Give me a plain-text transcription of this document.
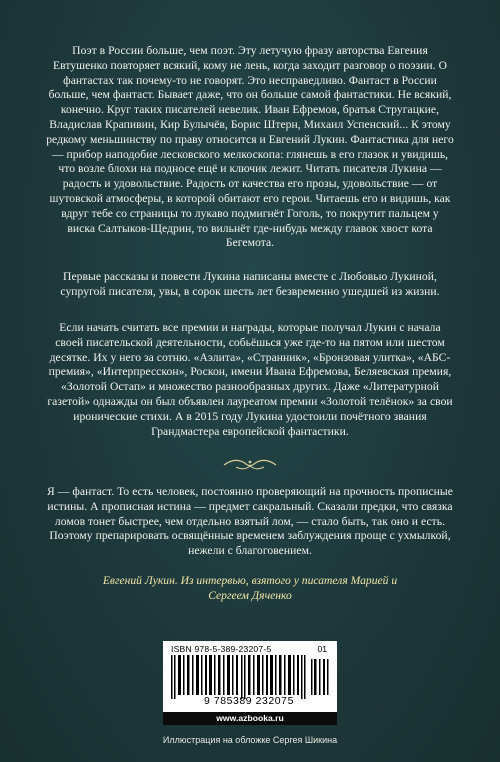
Поэт в России больше, чем поэт. Эту летучую фразу авторства Евгения Евтушенко повторяет всякий, кому не лень, когда заходит разговор о поэзии. О фантастах так почему-то не говорят. Это несправедливо. Фантаст в России больше, чем фантаст. Бывает даже, что он больше самой фантастики. Не всякий, конечно. Круг таких писателей невелик. Иван Ефремов, братья Стругацкие, Владислав Крапивин, Кир Булычёв, Борис Штерн, Михаил Успенский... К этому редкому меньшинству по праву относится и Евгений Лукин. Фантастика для него — прибор наподобие лесковского мелкоскопа: глянешь в его глазок и увидишь, что возле блохи на подносе ещё и ключик лежит. Читать писателя Лукина — радость и удовольствие. Радость от качества его прозы, удовольствие — от шутовской атмосферы, в которой обитают его герои. Читаешь его и видишь, как вдруг тебе со страницы то лукаво подмигнёт Гоголь, то покрутит пальцем у виска Салтыков-Щедрин, то вильнёт где-нибудь между главок хвост кота Бегемота.

Первые рассказы и повести Лукина написаны вместе с Любовью Лукиной, супругой писателя, увы, в сорок шесть лет безвременно ушедшей из жизни.

Если начать считать все премии и награды, которые получал Лукин с начала своей писательской деятельности, собьёшься уже где-то на пятом или шестом десятке. Их у него за сотню. «Аэлита», «Странник», «Бронзовая улитка», «АБС-премия», «Интерпресскон», Роскон, имени Ивана Ефремова, Беляевская премия, «Золотой Остап» и множество разнообразных других. Даже «Литературной газетой» однажды он был объявлен лауреатом премии «Золотой телёнок» за свои иронические стихи. А в 2015 году Лукина удостоили почётного звания Грандмастера европейской фантастики.

Я — фантаст. То есть человек, постоянно проверяющий на прочность прописные истины. А прописная истина — предмет сакральный. Сказали предки, что связка ломов тонет быстрее, чем отдельно взятый лом, — стало быть, так оно и есть. Поэтому препарировать освящённые временем заблуждения проще с ухмылкой, нежели с благоговением.

Евгений Лукин. Из интервью, взятого у писателя Марией и Сергеем Дяченко

ISBN 978-5-389-23207-5	01
9 785389 232075
www.azbooka.ru

Иллюстрация на обложке Сергея Шикина
